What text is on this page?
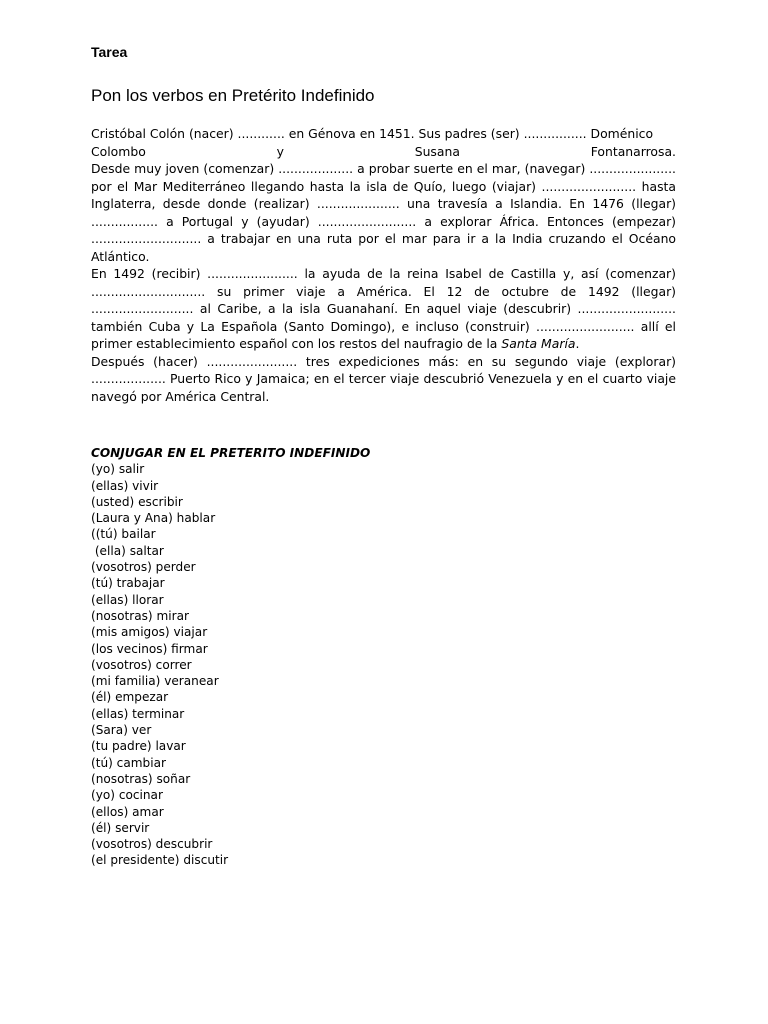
Tarea
Pon los verbos en Pretérito Indefinido

Cristóbal Colón (nacer) ............ en Génova en 1451. Sus padres (ser) ................ Doménico

Colombo y Susana Fontanarrosa.

Desde muy joven (comenzar) ................... a probar suerte en el mar, (navegar) ...................... por el Mar Mediterráneo llegando hasta la isla de Quío, luego (viajar) ........................ hasta Inglaterra, desde donde (realizar) ..................... una travesía a Islandia. En 1476 (llegar) ................. a Portugal y (ayudar) ......................... a explorar África. Entonces (empezar) ............................ a trabajar en una ruta por el mar para ir a la India cruzando el Océano Atlántico.

En 1492 (recibir) ....................... la ayuda de la reina Isabel de Castilla y, así (comenzar) ............................. su primer viaje a América. El 12 de octubre de 1492 (llegar) .......................... al Caribe, a la isla Guanahaní. En aquel viaje (descubrir) ......................... también Cuba y La Española (Santo Domingo), e incluso (construir) ......................... allí el primer establecimiento español con los restos del naufragio de la Santa María.

Después (hacer) ....................... tres expediciones más: en su segundo viaje (explorar) ................... Puerto Rico y Jamaica; en el tercer viaje descubrió Venezuela y en el cuarto viaje navegó por América Central.

CONJUGAR EN EL PRETERITO INDEFINIDO
(yo) salir
(ellas) vivir
(usted) escribir
(Laura y Ana) hablar
((tú) bailar
(ella) saltar
(vosotros) perder
(tú) trabajar
(ellas) llorar
(nosotras) mirar
(mis amigos) viajar
(los vecinos) firmar
(vosotros) correr
(mi familia) veranear
(él) empezar
(ellas) terminar
(Sara) ver
(tu padre) lavar
(tú) cambiar
(nosotras) soñar
(yo) cocinar
(ellos) amar
(él) servir
(vosotros) descubrir
(el presidente) discutir
